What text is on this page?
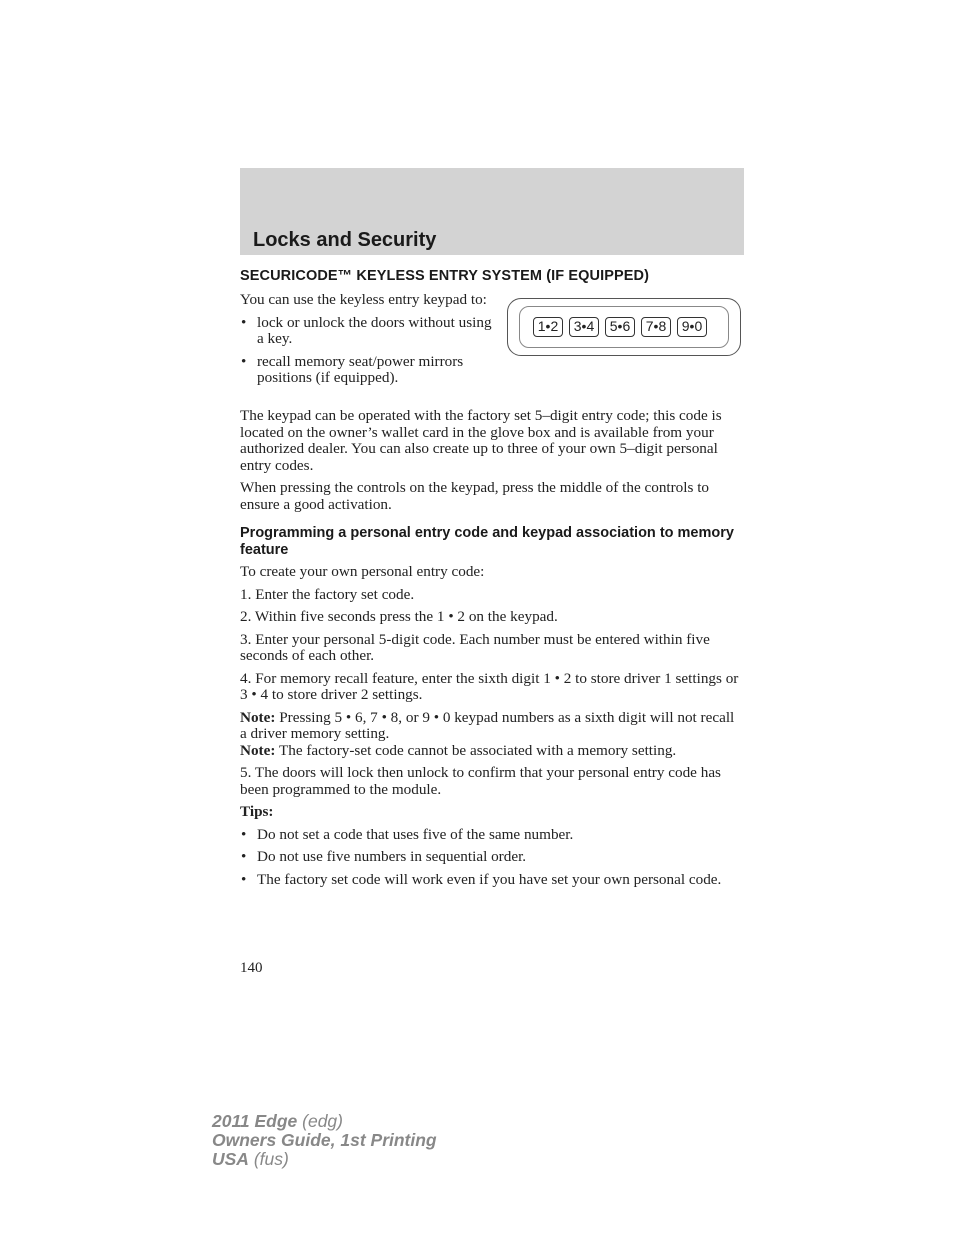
Locks and Security
SECURICODE™ KEYLESS ENTRY SYSTEM (IF EQUIPPED)
1•2	3•4	5•6	7•8	9•0

You can use the keyless entry keypad to:

• lock or unlock the doors without using a key.
• recall memory seat/power mirrors positions (if equipped).

The keypad can be operated with the factory set 5–digit entry code; this code is located on the owner’s wallet card in the glove box and is available from your authorized dealer. You can also create up to three of your own 5–digit personal entry codes.

When pressing the controls on the keypad, press the middle of the controls to ensure a good activation.

Programming a personal entry code and keypad association to memory feature

To create your own personal entry code:

1. Enter the factory set code.

2. Within five seconds press the 1 • 2 on the keypad.

3. Enter your personal 5-digit code. Each number must be entered within five seconds of each other.

4. For memory recall feature, enter the sixth digit 1 • 2 to store driver 1 settings or 3 • 4 to store driver 2 settings.

Note: Pressing 5 • 6, 7 • 8, or 9 • 0 keypad numbers as a sixth digit will not recall a driver memory setting.

Note: The factory-set code cannot be associated with a memory setting.

5. The doors will lock then unlock to confirm that your personal entry code has been programmed to the module.

Tips:

• Do not set a code that uses five of the same number.
• Do not use five numbers in sequential order.
• The factory set code will work even if you have set your own personal code.
140
2011 Edge (edg)
Owners Guide, 1st Printing
USA (fus)
